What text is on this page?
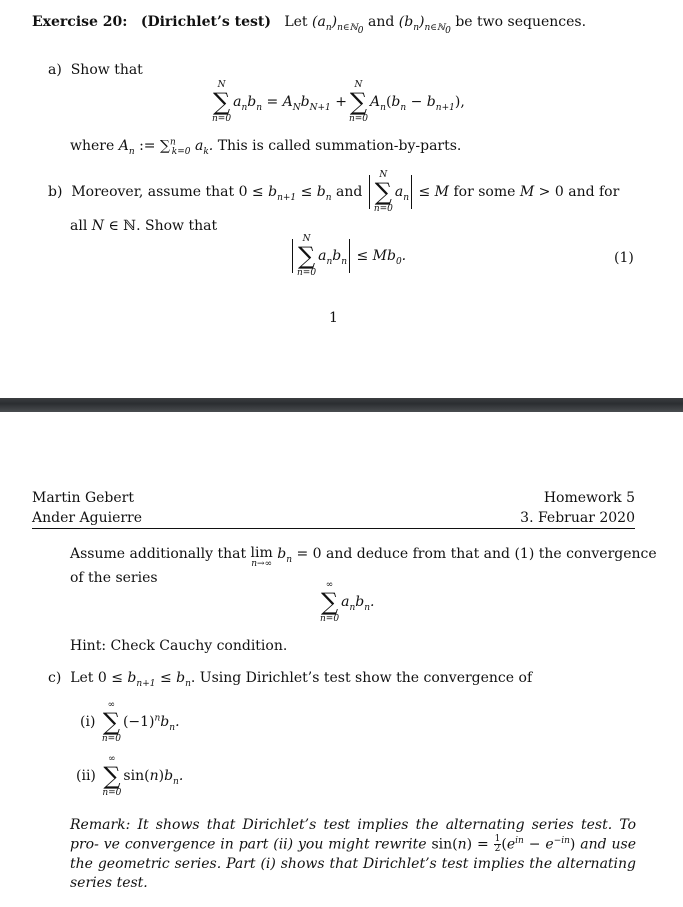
Exercise 20: (Dirichlet’s test) Let $(a_n)_{n\in ℕ_0}$ and $(b_n)_{n\in ℕ_0}$ be two sequences.
a) Show that
N
∑
n=0
$a_nb_n = A_Nb_{N+1}$ +
N
∑
n=0
$A_n(b_n - b_{n+1})$,
where $A_n$ := ∑$^n_{k=0}$ $a_k$. This is called summation-by-parts.
b) Moreover, assume that $0 \le b_{n+1} \le b_n$ and
N
∑
n=0
$a_n \le M$ for some M > 0 and for
all N ∈ ℕ. Show that
N
∑
n=0
$a_nb_n \le Mb_0$.	(1)
1
Martin Gebert
Ander Aguierre
Homework 5
3. Februar 2020
Assume additionally that lim
n→∞
$b_n = 0$ and deduce from that and (1) the convergence
of the series	∞
∑
n=0
$a_nb_n$.
Hint: Check Cauchy condition.
c) Let $0 \le b_{n+1} \le b_n$. Using Dirichlet’s test show the convergence of
(i)
∞
∑
n=0
$(-1)^nb_n$.
(ii)
∞
∑
n=0
$\sin(n)b_n$.
Remark: It shows that Dirichlet’s test implies the alternating series test. To pro- ve convergence in part (ii) you might rewrite $\sin(n) = \frac{1}{2} (e^{in} - e^{-in})$ and use the geometric series. Part (i) shows that Dirichlet’s test implies the alternating series test.
